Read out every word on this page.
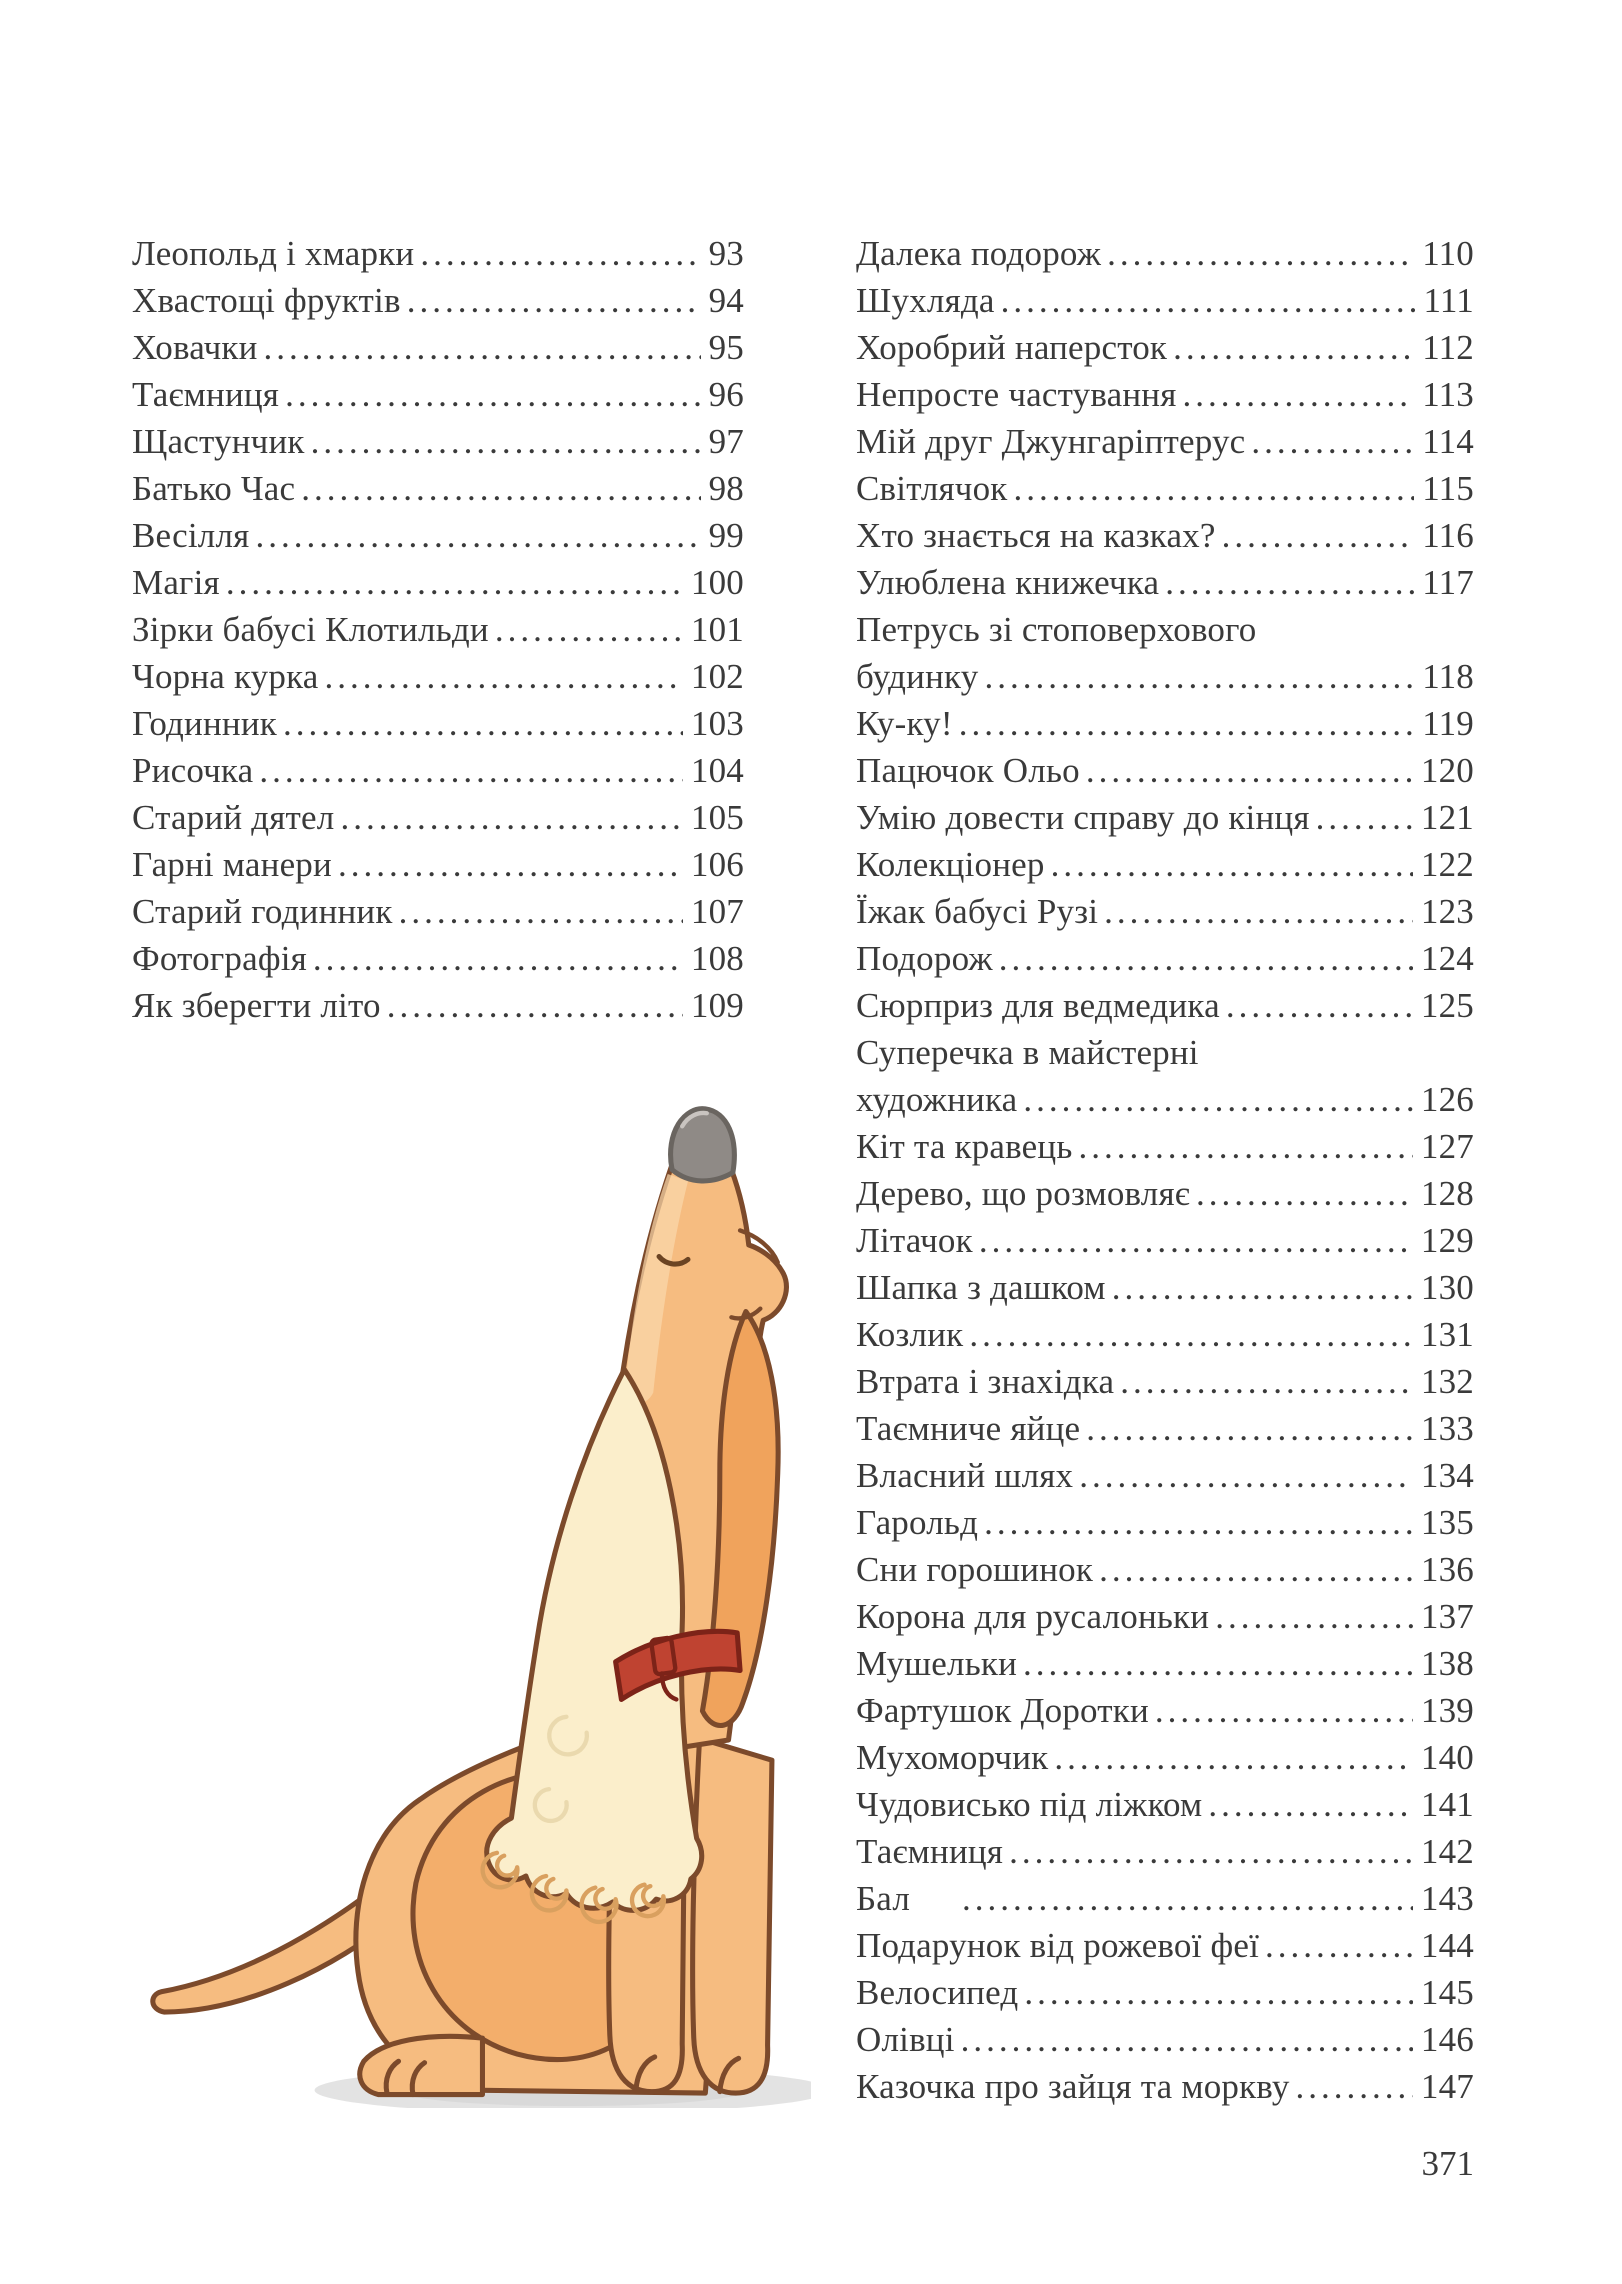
Леопольд і хмарки .....	93
Хвастощі фруктів .....	94
Ховачки .....	95
Таємниця .....	96
Щастунчик .....	97
Батько Час .....	98
Весілля .....	99
Магія .....	100
Зірки бабусі Клотильди .....	101
Чорна курка .....	102
Годинник .....	103
Рисочка .....	104
Старий дятел .....	105
Гарні манери .....	106
Старий годинник .....	107
Фотографія .....	108
Як зберегти літо .....	109
Далека подорож .....	110
Шухляда .....	111
Хоробрий наперсток .....	112
Непросте частування .....	113
Мій друг Джунгаріптерус .....	114
Світлячок .....	115
Хто знається на казках? .....	116
Улюблена книжечка .....	117
Петрусь зі стоповерхового
будинку .....	118
Ку-ку! .....	119
Пацючок Ольо .....	120
Умію довести справу до кінця .....	121
Колекціонер .....	122
Їжак бабусі Рузі .....	123
Подорож .....	124
Сюрприз для ведмедика .....	125
Суперечка в майстерні
художника .....	126
Кіт та кравець .....	127
Дерево, що розмовляє .....	128
Літачок .....	129
Шапка з дашком .....	130
Козлик .....	131
Втрата і знахідка .....	132
Таємниче яйце .....	133
Власний шлях .....	134
Гарольд .....	135
Сни горошинок .....	136
Корона для русалоньки .....	137
Мушельки .....	138
Фартушок Доротки .....	139
Мухоморчик .....	140
Чудовисько під ліжком .....	141
Таємниця .....	142
Бал .....	143
Подарунок від рожевої феї .....	144
Велосипед .....	145
Олівці .....	146
Казочка про зайця та моркву .....	147
371
